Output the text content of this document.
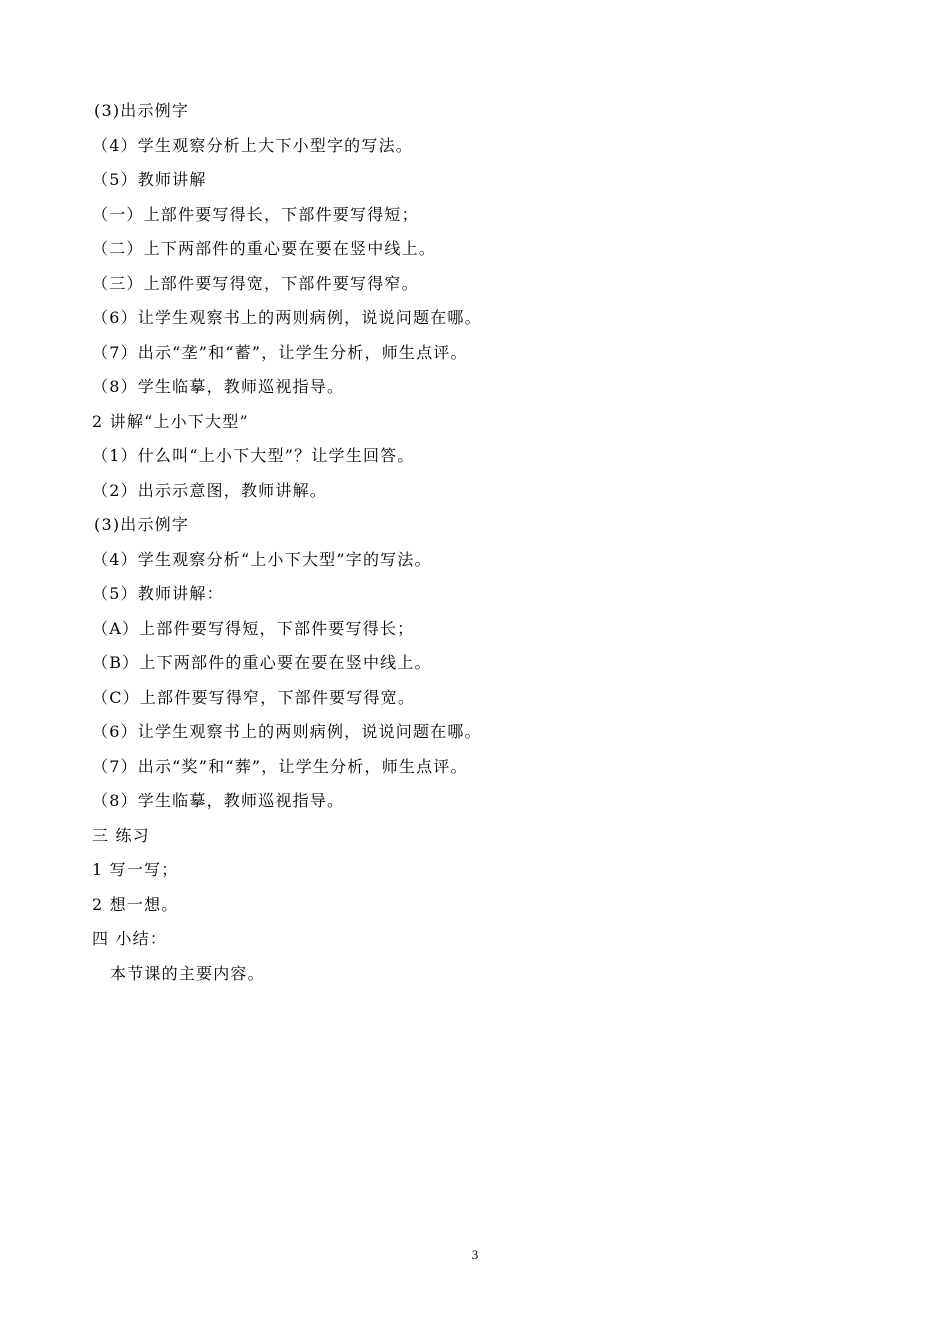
(3)出示例字
（4）学生观察分析上大下小型字的写法。
（5）教师讲解
（一）上部件要写得长，下部件要写得短；
（二）上下两部件的重心要在要在竖中线上。
（三）上部件要写得宽，下部件要写得窄。
（6）让学生观察书上的两则病例，说说问题在哪。
（7）出示“垄”和“蓄”，让学生分析，师生点评。
（8）学生临摹，教师巡视指导。
2 讲解“上小下大型”
（1）什么叫“上小下大型”？让学生回答。
（2）出示示意图，教师讲解。
(3)出示例字
（4）学生观察分析“上小下大型”字的写法。
（5）教师讲解：
（A）上部件要写得短，下部件要写得长；
（B）上下两部件的重心要在要在竖中线上。
（C）上部件要写得窄，下部件要写得宽。
（6）让学生观察书上的两则病例，说说问题在哪。
（7）出示“奖”和“葬”，让学生分析，师生点评。
（8）学生临摹，教师巡视指导。
三 练习
1 写一写；
2 想一想。
四 小结：
本节课的主要内容。
3
